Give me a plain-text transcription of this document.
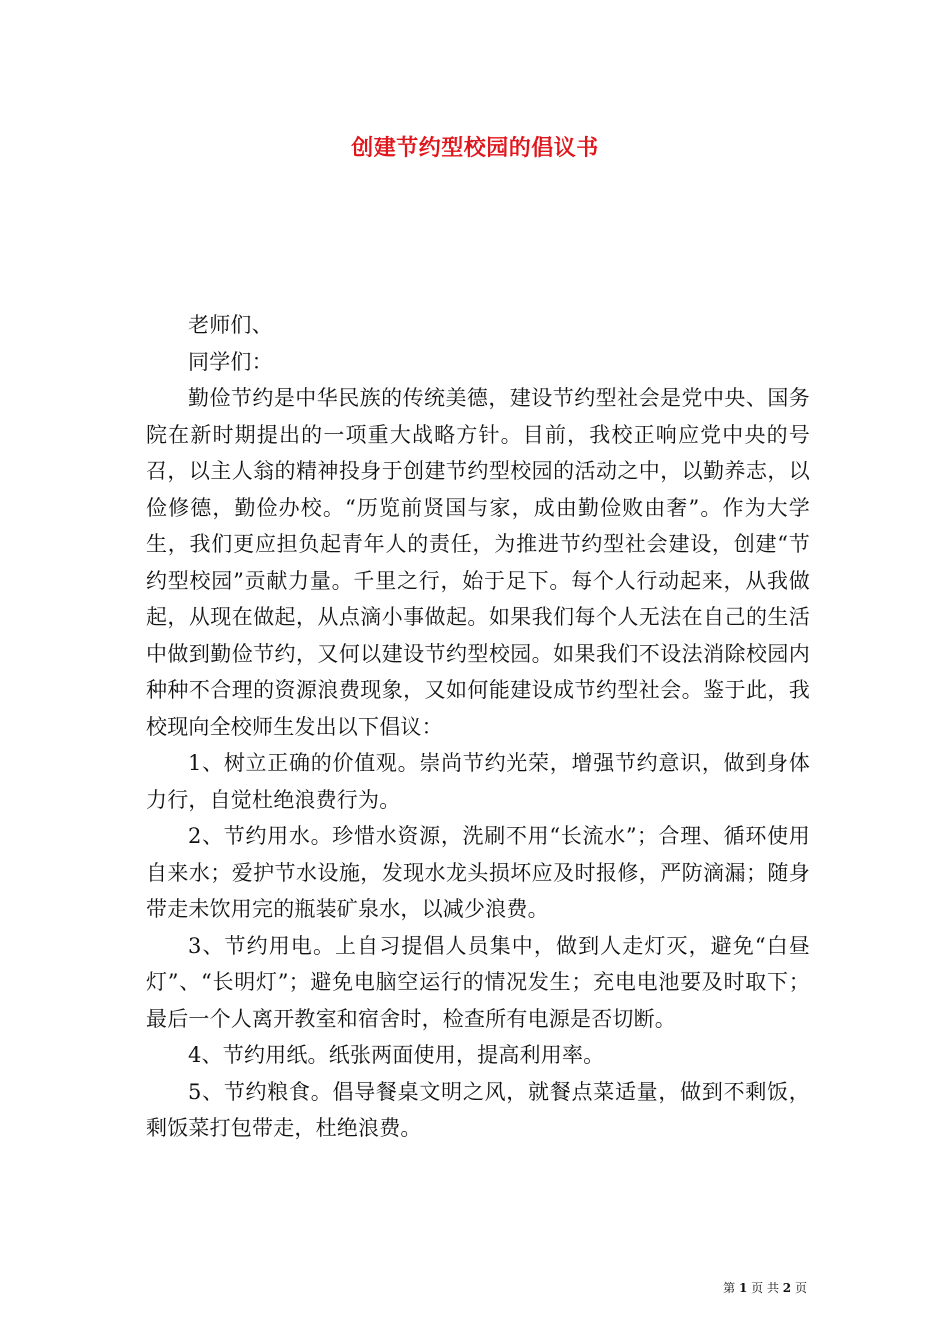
创建节约型校园的倡议书

老师们、

同学们：

勤俭节约是中华民族的传统美德，建设节约型社会是党中央、国务院在新时期提出的一项重大战略方针。目前，我校正响应党中央的号召，以主人翁的精神投身于创建节约型校园的活动之中，以勤养志，以俭修德，勤俭办校。“历览前贤国与家，成由勤俭败由奢”。作为大学生，我们更应担负起青年人的责任，为推进节约型社会建设，创建“节约型校园”贡献力量。千里之行，始于足下。每个人行动起来，从我做起，从现在做起，从点滴小事做起。如果我们每个人无法在自己的生活中做到勤俭节约，又何以建设节约型校园。如果我们不设法消除校园内种种不合理的资源浪费现象，又如何能建设成节约型社会。鉴于此，我校现向全校师生发出以下倡议：

1、树立正确的价值观。崇尚节约光荣，增强节约意识，做到身体力行，自觉杜绝浪费行为。

2、节约用水。珍惜水资源，洗刷不用“长流水”；合理、循环使用自来水；爱护节水设施，发现水龙头损坏应及时报修，严防滴漏；随身带走未饮用完的瓶装矿泉水，以减少浪费。

3、节约用电。上自习提倡人员集中，做到人走灯灭，避免“白昼灯”、“长明灯”；避免电脑空运行的情况发生；充电电池要及时取下；最后一个人离开教室和宿舍时，检查所有电源是否切断。

4、节约用纸。纸张两面使用，提高利用率。

5、节约粮食。倡导餐桌文明之风，就餐点菜适量，做到不剩饭，剩饭菜打包带走，杜绝浪费。

第 1 页 共 2 页
